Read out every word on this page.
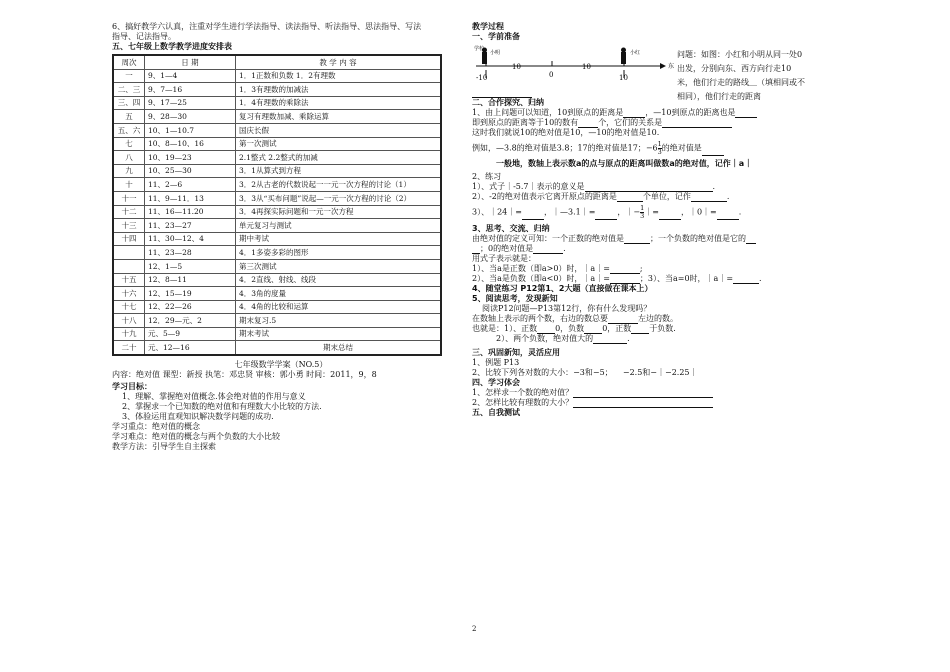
6、搞好教学六认真，注重对学生进行学法指导、读法指导、听法指导、思法指导、写法

指导、记法指导。

五、七年级上数学教学进度安排表

周次	日 期	教 学 内 容
一	9、1—4	1．1正数和负数 1．2有理数
二、三	9、7—16	1．3有理数的加减法
三、四	9、17—25	1．4有理数的乘除法
五	9、28—30	复习有理数加减、乘除运算
五、六	10、1—10.7	国庆长假
七	10、8—10、16	第一次测试
八	10、19—23	2.1整式 2.2整式的加减
九	10、25—30	3．1从算式到方程
十	11、2—6	3．2从古老的代数说起一一元一次方程的讨论（1）
十一	11、9—11．13	3．3从“买布问题”说起—一元一次方程的讨论（2）
十二	11、16—11.20	3．4再探实际问题和一元一次方程
十三	11、23—27	单元复习与测试
十四	11、30—12、4	期中考试
	11、23—28	4．1多姿多彩的图形
	12、1—5	第三次测试
十五	12、8—11	4．2直线、射线、线段
十六	12、15—19	4．3角的度量
十七	12、22—26	4．4角的比较和运算
十八	12．29—元、2	期末复习.5
十九	元、5—9	期末考试
二十	元、12—16	期末总结

七年级数学学案（NO.5）

内容：绝对值 课型：新授 执笔：邓忠贤 审核：郭小勇 时间：2011，9，8

学习目标：

1、理解、掌握绝对值概念.体会绝对值的作用与意义

2、掌握求一个已知数的绝对值和有理数大小比较的方法.

3、体验运用直观知识解决数学问题的成功.

学习重点：绝对值的概念

学习难点：绝对值的概念与两个负数的大小比较

教学方法：引导学生自主探索

教学过程

一、学前准备

小明
学校
小红
10	10
-10	0	10
东
问题：如图：小红和小明从同一处0出发，分别向东、西方向行走10米，他们行走的路线＿（填相同或不相同），他们行走的距离

二、合作探究、归纳

1、由上问题可以知道，10到原点的距离是	，—10到原点的距离也是

即到原点的距离等于10的数有	个，它们的关系是

这时我们就说10的绝对值是10，—10的绝对值是10.

例如，—3.8的绝对值是3.8；17的绝对值是17；$-6 \frac{1}{3}$ 的绝对值是

一般地，数轴上表示数a的点与原点的距离叫做数a的绝对值，记作｜a｜

2、练习

1）、式子｜-5.7｜表示的意义是	.

2）、-2的绝对值表示它离开原点的距离是	个单位，记作	.

3）、｜24｜=	，｜—3.1｜=	，｜− $\frac{1}{3}$ ｜=	，｜0｜=	.

3、思考、交流、归纳

由绝对值的定义可知：一个正数的绝对值是	；一个负数的绝对值是它的

；0的绝对值是	.

用式子表示就是：

1）、当a是正数（即a>0）时，｜a｜=	;

2）、当a是负数（即a<0）时，｜a｜=	；3）、当a=0时，｜a｜=	.

4、随堂练习 P12第1、2大题（直接做在课本上）

5、阅读思考，发现新知

阅读P12问题—P13第12行，你有什么发现吗？

在数轴上表示的两个数，右边的数总要	左边的数。

也就是：1）、正数 0，负数 0，正数 于负数.

2）、两个负数，绝对值大的	.

三、巩固新知，灵活应用

1、例题 P13

2、比较下列各对数的大小：−3和−5； −2.5和−｜−2.25｜

四、学习体会

1、怎样求一个数的绝对值？

2、怎样比较有理数的大小？

五、自我测试

2
